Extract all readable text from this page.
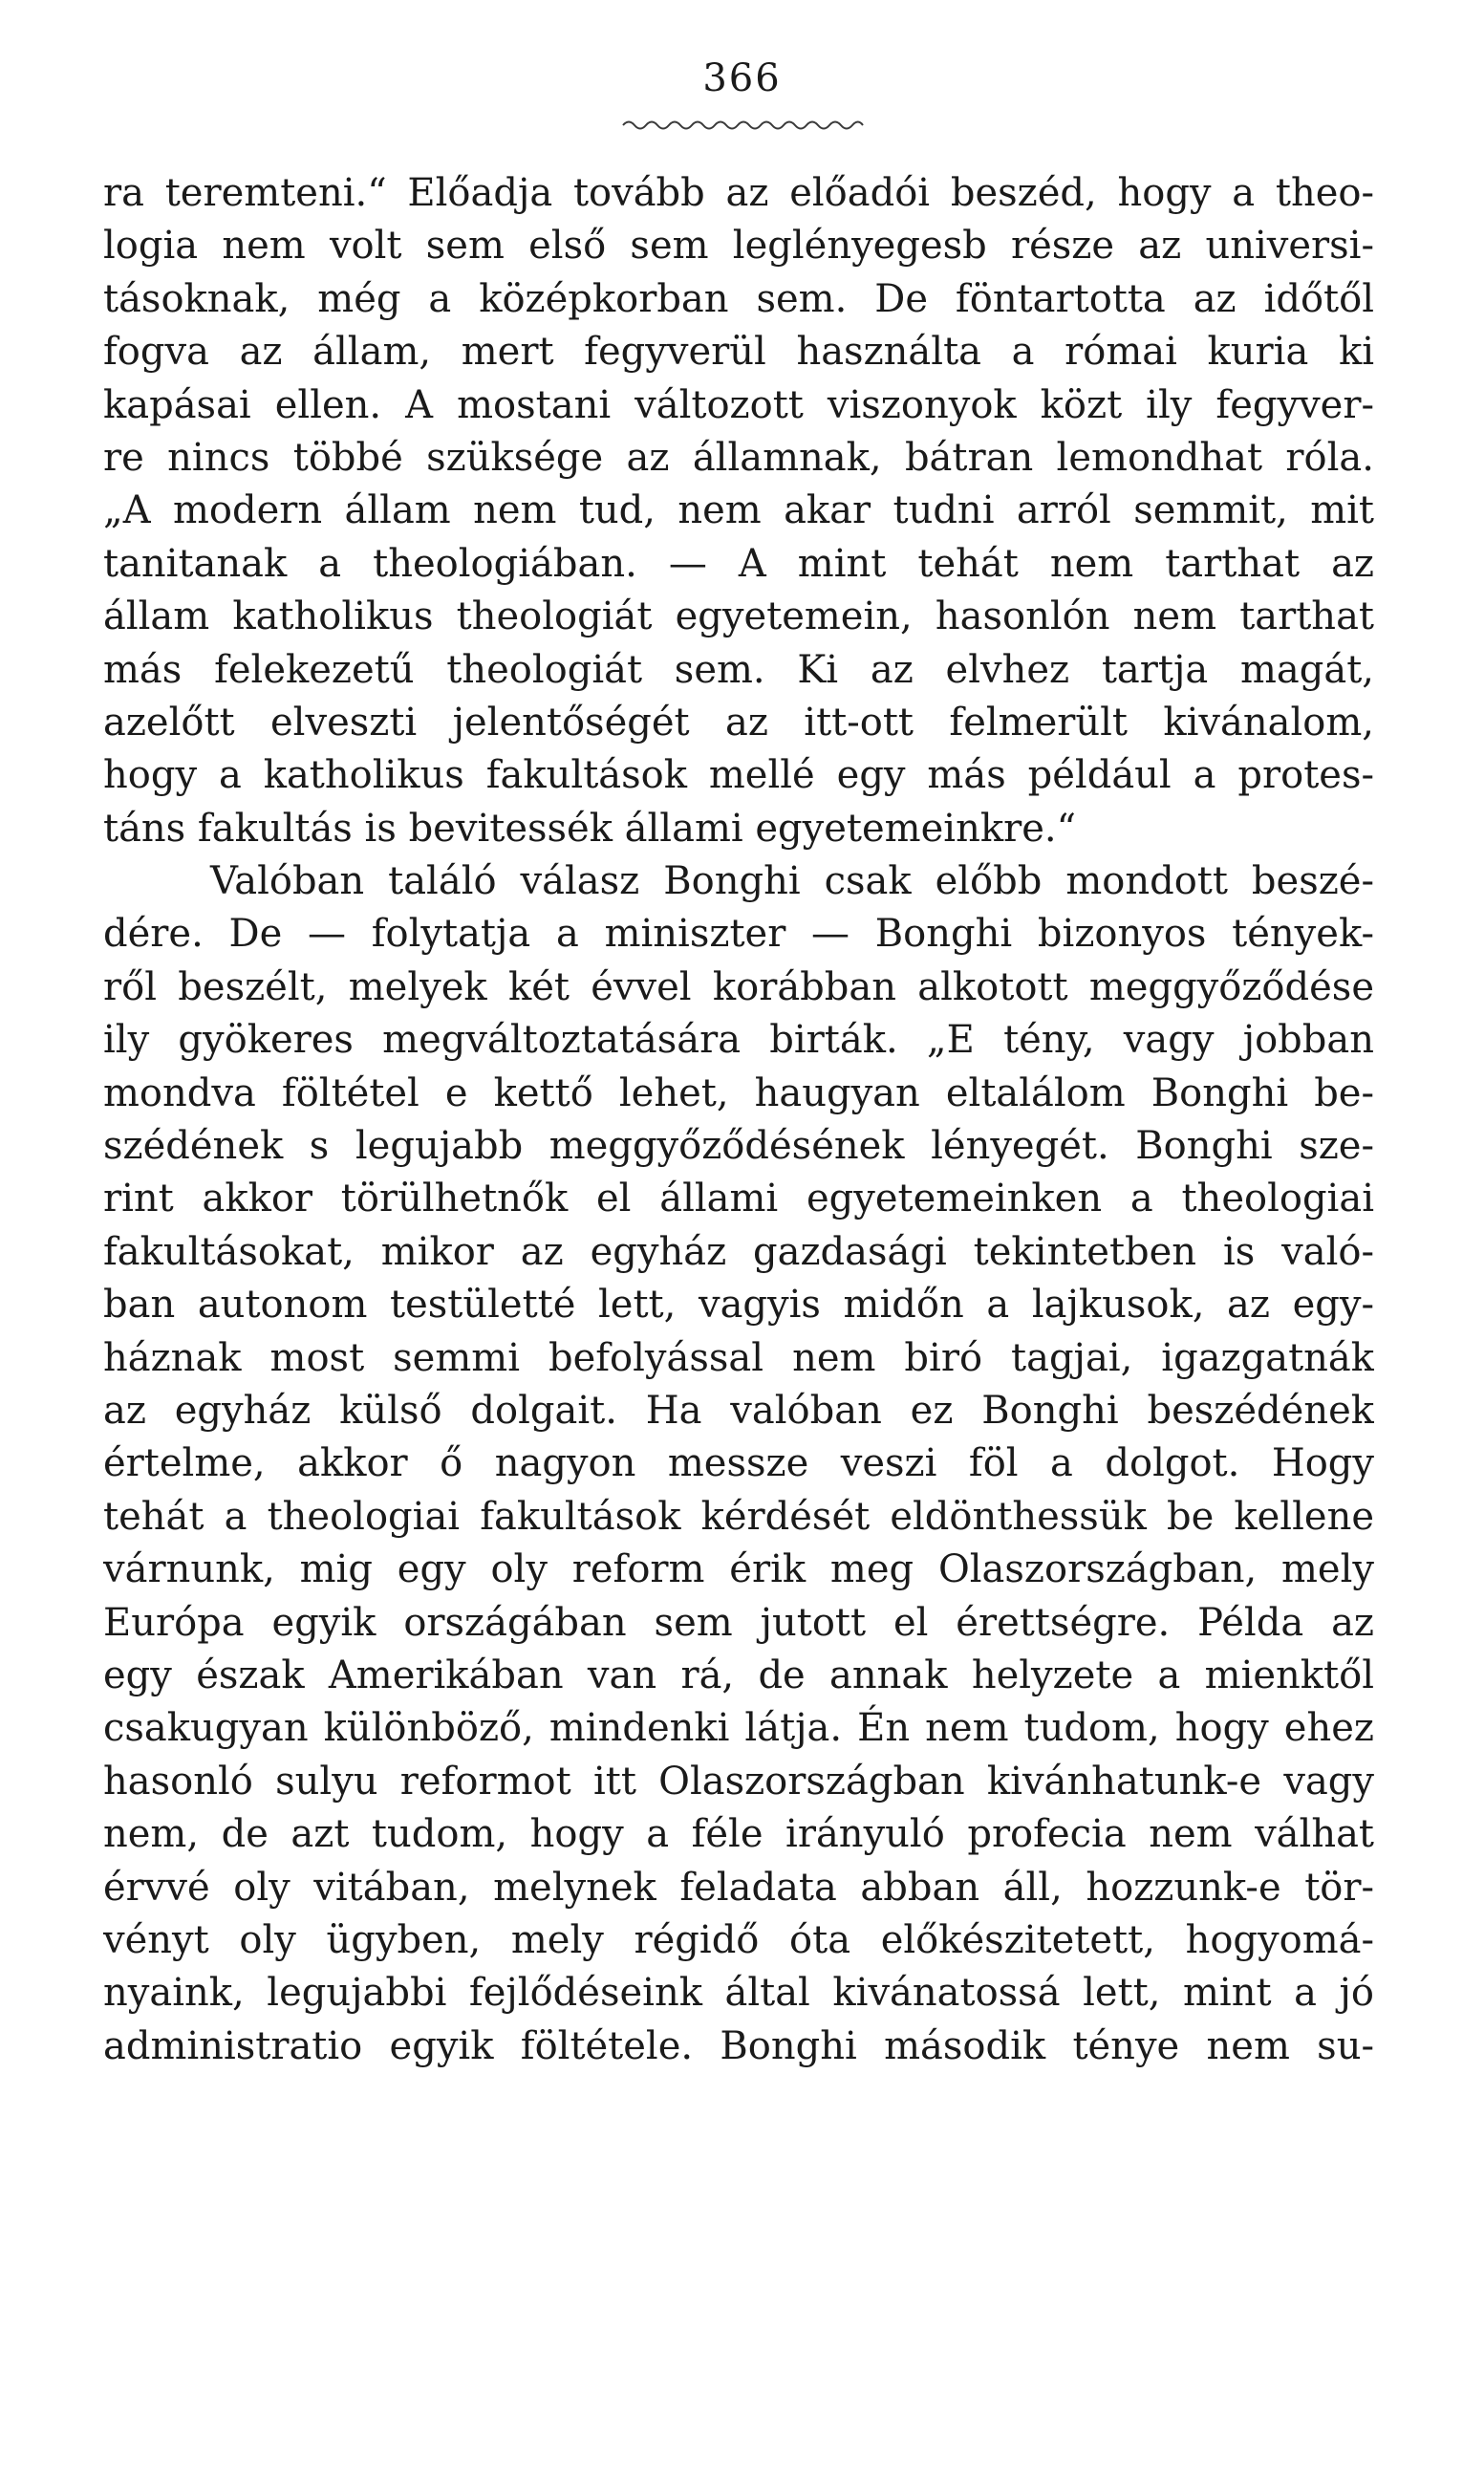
366
ra teremteni.“ Előadja tovább az előadói beszéd, hogy a theo-
logia nem volt sem első sem leglényegesb része az universi-
tásoknak, még a középkorban sem. De föntartotta az időtől
fogva az állam, mert fegyverül használta a római kuria ki
kapásai ellen. A mostani változott viszonyok közt ily fegyver-
re nincs többé szüksége az államnak, bátran lemondhat róla.
„A modern állam nem tud, nem akar tudni arról semmit, mit
tanitanak a theologiában. — A mint tehát nem tarthat az
állam katholikus theologiát egyetemein, hasonlón nem tarthat
más felekezetű theologiát sem. Ki az elvhez tartja magát,
azelőtt elveszti jelentőségét az itt-ott felmerült kivánalom,
hogy a katholikus fakultások mellé egy más például a protes-
táns fakultás is bevitessék állami egyetemeinkre.“
Valóban találó válasz Bonghi csak előbb mondott beszé-
dére. De — folytatja a miniszter — Bonghi bizonyos tények-
ről beszélt, melyek két évvel korábban alkotott meggyőződése
ily gyökeres megváltoztatására birták. „E tény, vagy jobban
mondva föltétel e kettő lehet, haugyan eltalálom Bonghi be-
szédének s legujabb meggyőződésének lényegét. Bonghi sze-
rint akkor törülhetnők el állami egyetemeinken a theologiai
fakultásokat, mikor az egyház gazdasági tekintetben is való-
ban autonom testületté lett, vagyis midőn a lajkusok, az egy-
háznak most semmi befolyással nem biró tagjai, igazgatnák
az egyház külső dolgait. Ha valóban ez Bonghi beszédének
értelme, akkor ő nagyon messze veszi föl a dolgot. Hogy
tehát a theologiai fakultások kérdését eldönthessük be kellene
várnunk, mig egy oly reform érik meg Olaszországban, mely
Európa egyik országában sem jutott el érettségre. Példa az
egy észak Amerikában van rá, de annak helyzete a mienktől
csakugyan különböző, mindenki látja. Én nem tudom, hogy ehez
hasonló sulyu reformot itt Olaszországban kivánhatunk-e vagy
nem, de azt tudom, hogy a féle irányuló profecia nem válhat
érvvé oly vitában, melynek feladata abban áll, hozzunk-e tör-
vényt oly ügyben, mely régidő óta előkészitetett, hogyomá-
nyaink, legujabbi fejlődéseink által kivánatossá lett, mint a jó
administratio egyik föltétele. Bonghi második ténye nem su-
